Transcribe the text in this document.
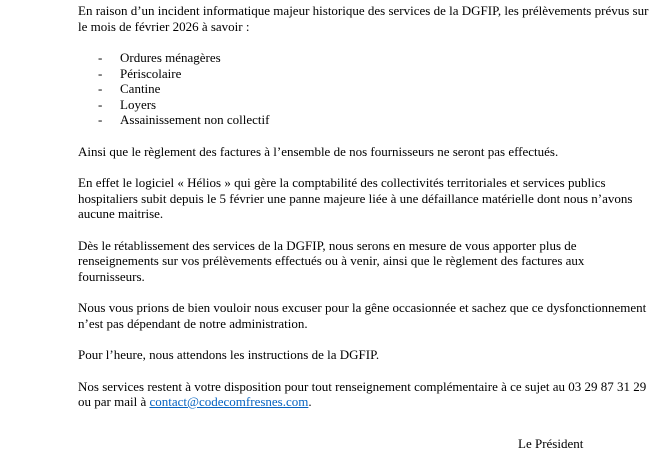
En raison d’un incident informatique majeur historique des services de la DGFIP, les prélèvements prévus sur le mois de février 2026 à savoir :

- Ordures ménagères
- Périscolaire
- Cantine
- Loyers
- Assainissement non collectif

Ainsi que le règlement des factures à l’ensemble de nos fournisseurs ne seront pas effectués.

En effet le logiciel « Hélios » qui gère la comptabilité des collectivités territoriales et services publics hospitaliers subit depuis le 5 février une panne majeure liée à une défaillance matérielle dont nous n’avons aucune maitrise.

Dès le rétablissement des services de la DGFIP, nous serons en mesure de vous apporter plus de renseignements sur vos prélèvements effectués ou à venir, ainsi que le règlement des factures aux fournisseurs.

Nous vous prions de bien vouloir nous excuser pour la gêne occasionnée et sachez que ce dysfonctionnement n’est pas dépendant de notre administration.

Pour l’heure, nous attendons les instructions de la DGFIP.

Nos services restent à votre disposition pour tout renseignement complémentaire à ce sujet au 03 29 87 31 29 ou par mail à contact@codecomfresnes.com.

Le Président
